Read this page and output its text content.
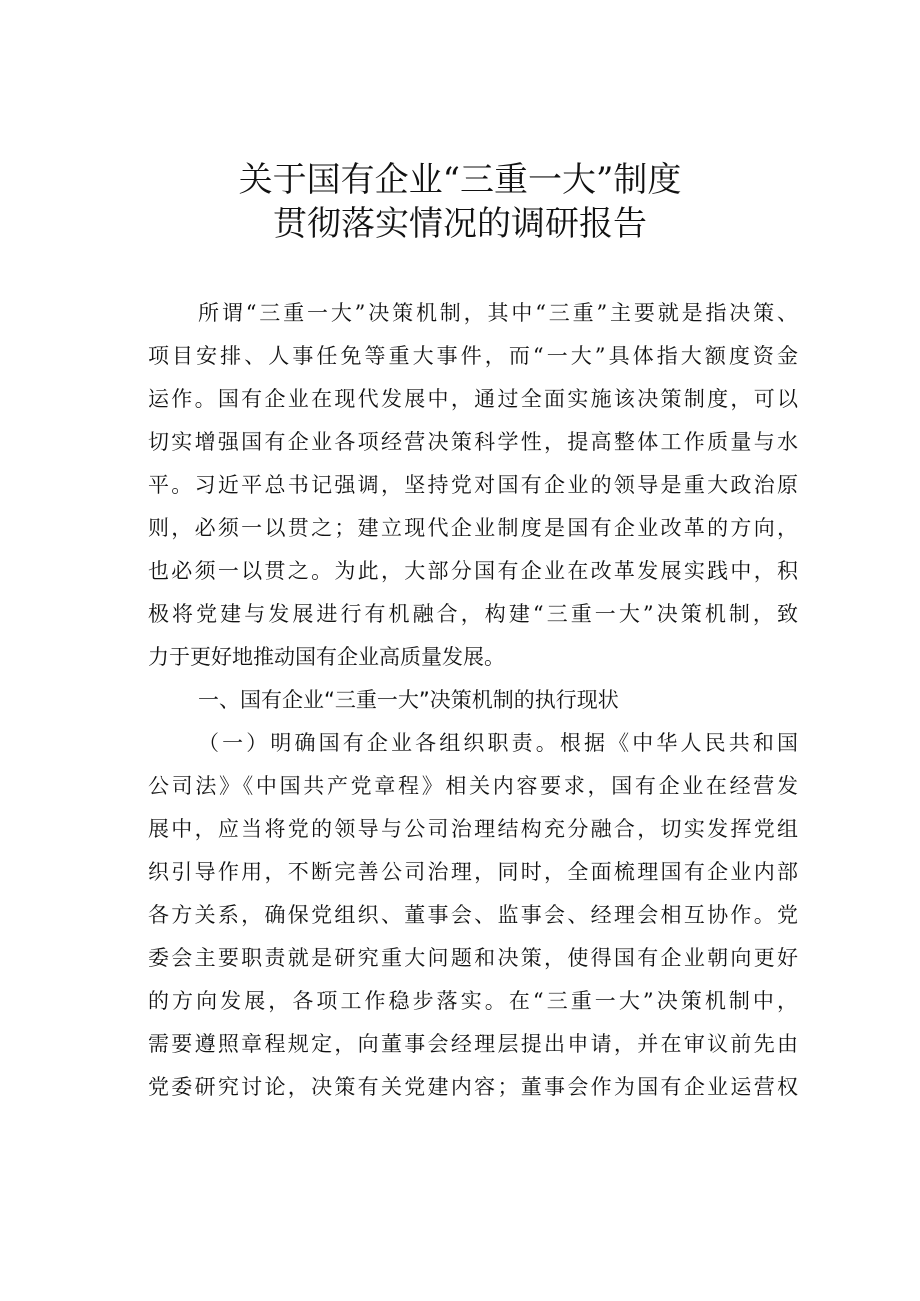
关于国有企业“三重一大”制度
贯彻落实情况的调研报告
所谓“三重一大”决策机制，其中“三重”主要就是指决策、
项目安排、人事任免等重大事件，而“一大”具体指大额度资金
运作。国有企业在现代发展中，通过全面实施该决策制度，可以
切实增强国有企业各项经营决策科学性，提高整体工作质量与水
平。习近平总书记强调，坚持党对国有企业的领导是重大政治原
则，必须一以贯之；建立现代企业制度是国有企业改革的方向，
也必须一以贯之。为此，大部分国有企业在改革发展实践中，积
极将党建与发展进行有机融合，构建“三重一大”决策机制，致
力于更好地推动国有企业高质量发展。
一、国有企业“三重一大”决策机制的执行现状
（一）明确国有企业各组织职责。根据《中华人民共和国
公司法》《中国共产党章程》相关内容要求，国有企业在经营发
展中，应当将党的领导与公司治理结构充分融合，切实发挥党组
织引导作用，不断完善公司治理，同时，全面梳理国有企业内部
各方关系，确保党组织、董事会、监事会、经理会相互协作。党
委会主要职责就是研究重大问题和决策，使得国有企业朝向更好
的方向发展，各项工作稳步落实。在“三重一大”决策机制中，
需要遵照章程规定，向董事会经理层提出申请，并在审议前先由
党委研究讨论，决策有关党建内容；董事会作为国有企业运营权
